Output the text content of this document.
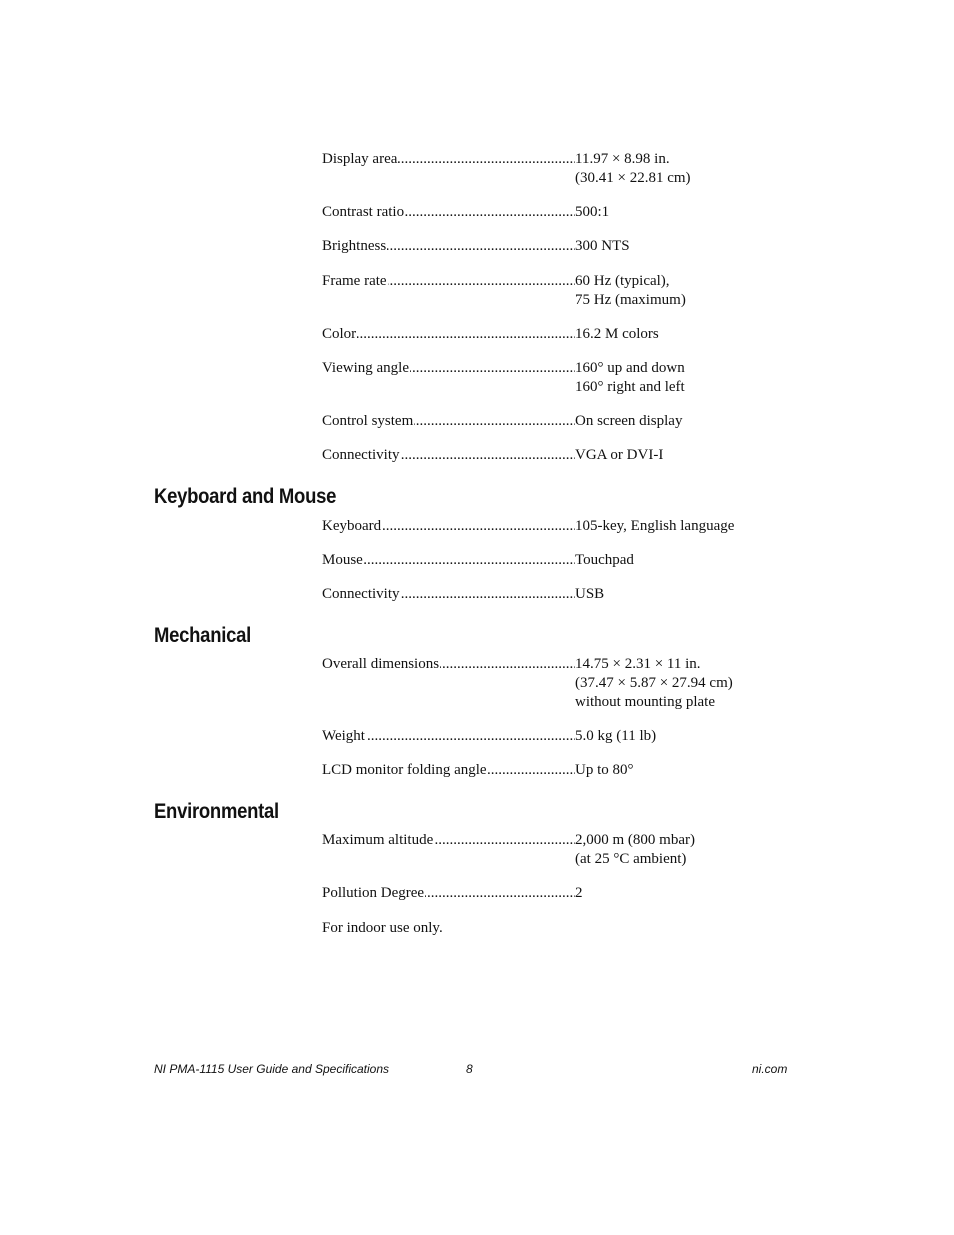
Display area .....	11.97 × 8.98 in.
(30.41 × 22.81 cm)
Contrast ratio .....	500:1
Brightness .....	300 NTS
Frame rate .....	60 Hz (typical),
75 Hz (maximum)
Color .....	16.2 M colors
Viewing angle .....	160° up and down
160° right and left
Control system .....	On screen display
Connectivity .....	VGA or DVI-I
Keyboard and Mouse
Keyboard .....	105-key, English language
Mouse .....	Touchpad
Connectivity .....	USB
Mechanical
Overall dimensions .....	14.75 × 2.31 × 11 in.
(37.47 × 5.87 × 27.94 cm)
without mounting plate
Weight .....	5.0 kg (11 lb)
LCD monitor folding angle .....	Up to 80°
Environmental
Maximum altitude .....	2,000 m (800 mbar)
(at 25 °C ambient)
Pollution Degree .....	2
For indoor use only.
NI PMA-1115 User Guide and Specifications	8	ni.com
